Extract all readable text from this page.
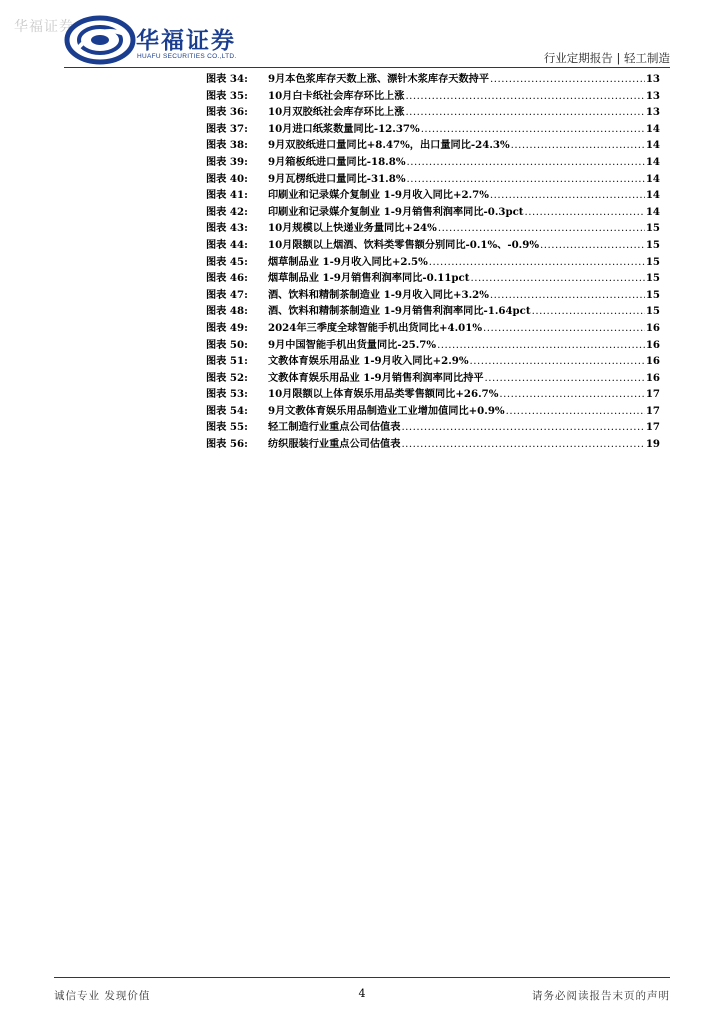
华福证券
华福证券
HUAFU SECURITIES CO.,LTD.	行业定期报告 | 轻工制造
图表 34:	9月本色浆库存天数上涨、漂针木浆库存天数持平 .....	13
图表 35:	10月白卡纸社会库存环比上涨 .....	13
图表 36:	10月双胶纸社会库存环比上涨 .....	13
图表 37:	10月进口纸浆数量同比-12.37% .....	14
图表 38:	9月双胶纸进口量同比+8.47%，出口量同比-24.3% .....	14
图表 39:	9月箱板纸进口量同比-18.8% .....	14
图表 40:	9月瓦楞纸进口量同比-31.8% .....	14
图表 41:	印刷业和记录媒介复制业 1-9月收入同比+2.7% .....	14
图表 42:	印刷业和记录媒介复制业 1-9月销售利润率同比-0.3pct .....	14
图表 43:	10月规模以上快递业务量同比+24% .....	15
图表 44:	10月限额以上烟酒、饮料类零售额分别同比-0.1%、-0.9% .....	15
图表 45:	烟草制品业 1-9月收入同比+2.5% .....	15
图表 46:	烟草制品业 1-9月销售利润率同比-0.11pct .....	15
图表 47:	酒、饮料和精制茶制造业 1-9月收入同比+3.2% .....	15
图表 48:	酒、饮料和精制茶制造业 1-9月销售利润率同比-1.64pct .....	15
图表 49:	2024年三季度全球智能手机出货同比+4.01% .....	16
图表 50:	9月中国智能手机出货量同比-25.7% .....	16
图表 51:	文教体育娱乐用品业 1-9月收入同比+2.9% .....	16
图表 52:	文教体育娱乐用品业 1-9月销售利润率同比持平 .....	16
图表 53:	10月限额以上体育娱乐用品类零售额同比+26.7% .....	17
图表 54:	9月文教体育娱乐用品制造业工业增加值同比+0.9% .....	17
图表 55:	轻工制造行业重点公司估值表 .....	17
图表 56:	纺织服装行业重点公司估值表 .....	19
诚信专业 发现价值	4	请务必阅读报告末页的声明
